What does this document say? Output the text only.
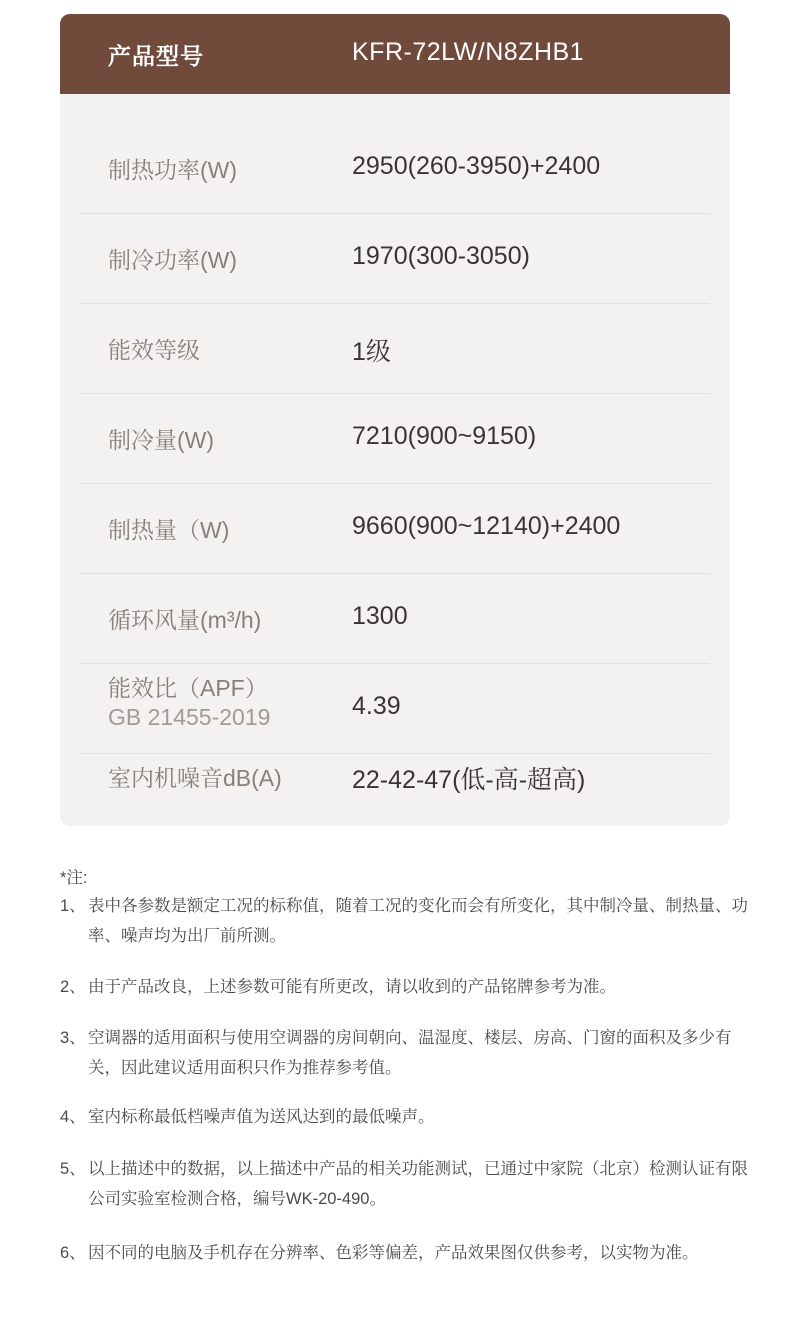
产品型号	KFR-72LW/N8ZHB1
制热功率(W)	2950(260-3950)+2400
制冷功率(W)	1970(300-3050)
能效等级	1级
制冷量(W)	7210(900~9150)
制热量（W)	9660(900~12140)+2400
循环风量(m³/h)	1300
能效比（APF）
GB 21455-2019	4.39
室内机噪音dB(A)	22-42-47(低-高-超高)
*注:
1、 表中各参数是额定工况的标称值，随着工况的变化而会有所变化，其中制冷量、制热量、功率、噪声均为出厂前所测。
2、 由于产品改良，上述参数可能有所更改，请以收到的产品铭牌参考为准。
3、 空调器的适用面积与使用空调器的房间朝向、温湿度、楼层、房高、门窗的面积及多少有关，因此建议适用面积只作为推荐参考值。
4、 室内标称最低档噪声值为送风达到的最低噪声。
5、 以上描述中的数据，以上描述中产品的相关功能测试，已通过中家院（北京）检测认证有限公司实验室检测合格，编号WK-20-490。
6、 因不同的电脑及手机存在分辨率、色彩等偏差，产品效果图仅供参考，以实物为准。
